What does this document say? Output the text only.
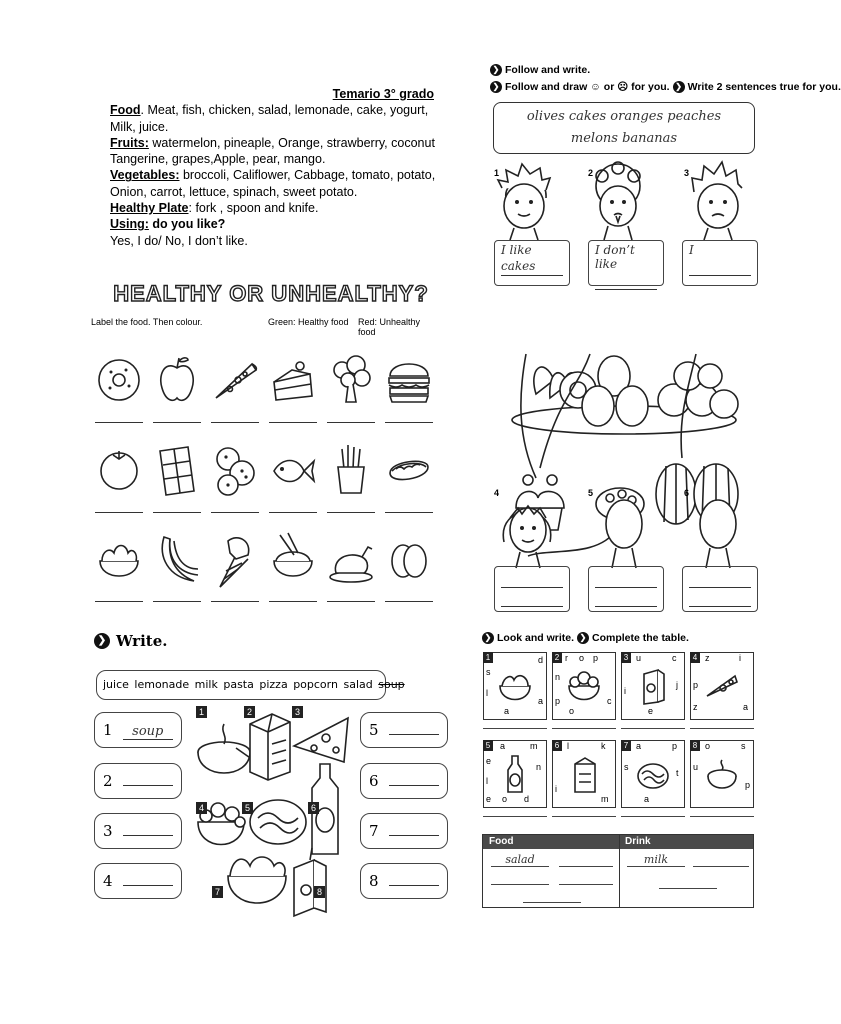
Temario 3° grado
Food. Meat, fish, chicken, salad, lemonade, cake, yogurt,
Milk, juice.
Fruits: watermelon, pineaple, Orange, strawberry, coconut
Tangerine, grapes,Apple, pear, mango.
Vegetables: broccoli, Califlower, Cabbage, tomato, potato,
Onion, carrot, lettuce, spinach, sweet potato.
Healthy Plate: fork , spoon and knife.
Using: do you like?
Yes, I do/ No, I don’t like.
HEALTHY OR UNHEALTHY?
Label the food. Then colour.	Green: Healthy food Red: Unhealthy food
❯ Follow and write.
❯ Follow and draw ☺ or ☹ for you. ❯ Write 2 sentences true for you.
olives cakes oranges peaches
melons bananas
1	2	3
I like
cakes
I don’t like
I
4	5	6
❯ Write.
juice lemonade milk pasta pizza popcorn salad soup
1	soup
2
3
4
5
6
7
8
1	2	3
4	5	6
7	8
❯ Look and write. ❯ Complete the table.
1
s
d
l
a
a
2 r o p
n
p
o
c
3 u	c
i
j
e
4 z	i
p
z	a
5	a	m
e
n
l
e o d
6 l	k
i
m
7 a	p
s
t
a
8 o	s
u
p
Food	Drink
salad	milk
